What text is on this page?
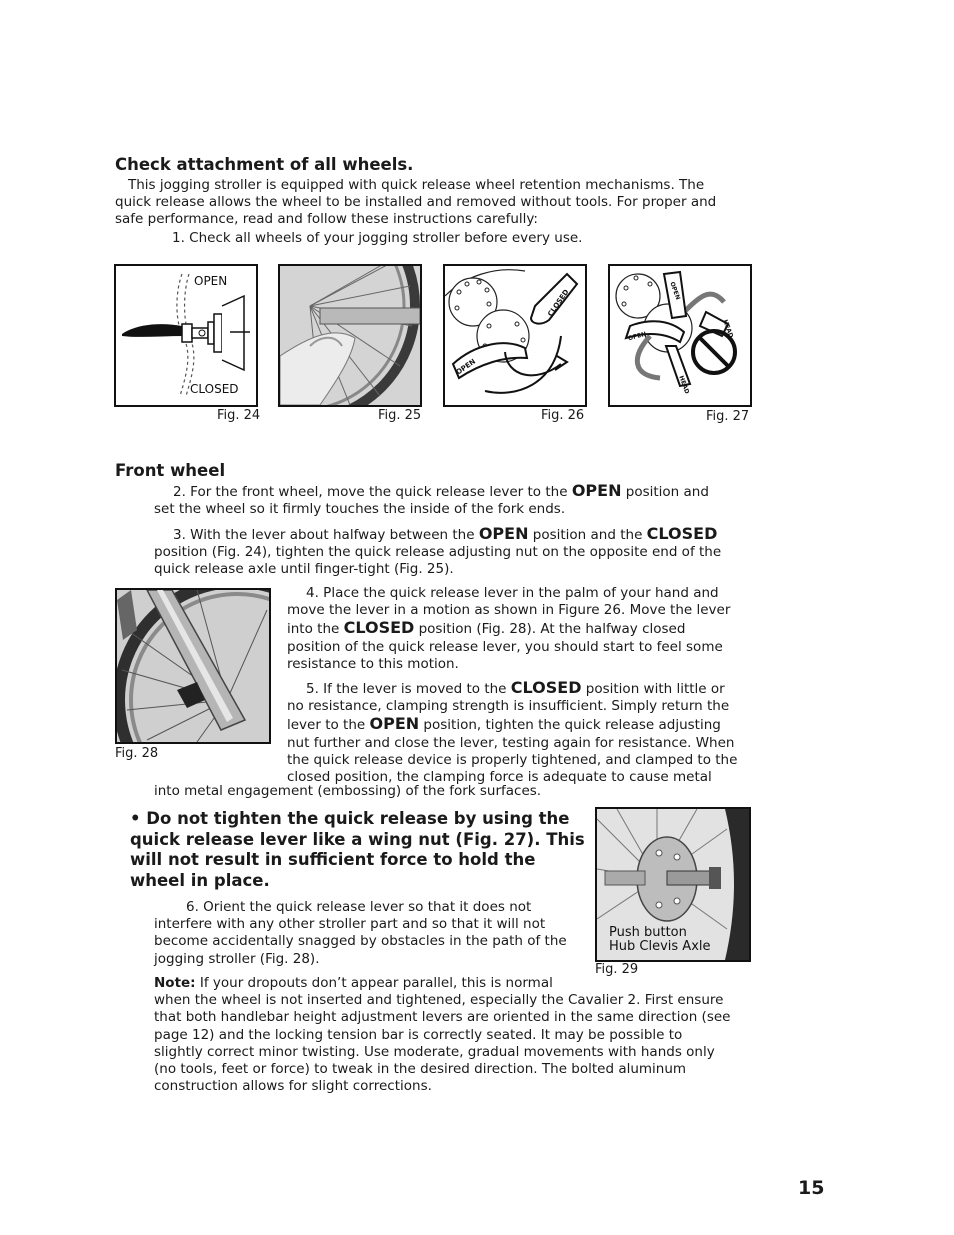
Check attachment of all wheels.
This jogging stroller is equipped with quick release wheel retention mechanisms. The
quick release allows the wheel to be installed and removed without tools. For proper and
safe performance, read and follow these instructions carefully:
1. Check all wheels of your jogging stroller before every use.
OPEN
CLOSED
Fig. 24	Fig. 25
CLOSED
OPEN
Fig. 26
OPEN
OPEN	HEAD
HEAD
Fig. 27
Front wheel
2. For the front wheel, move the quick release lever to the OPEN position and
set the wheel so it firmly touches the inside of the fork ends.
3. With the lever about halfway between the OPEN position and the CLOSED
position (Fig. 24), tighten the quick release adjusting nut on the opposite end of the
quick release axle until finger-tight (Fig. 25).
Fig. 28
4. Place the quick release lever in the palm of your hand and
move the lever in a motion as shown in Figure 26. Move the lever
into the CLOSED position (Fig. 28). At the halfway closed
position of the quick release lever, you should start to feel some
resistance to this motion.
5. If the lever is moved to the CLOSED position with little or
no resistance, clamping strength is insufficient. Simply return the
lever to the OPEN position, tighten the quick release adjusting
nut further and close the lever, testing again for resistance. When
the quick release device is properly tightened, and clamped to the
closed position, the clamping force is adequate to cause metal
into metal engagement (embossing) of the fork surfaces.
• Do not tighten the quick release by using the
quick release lever like a wing nut (Fig. 27). This
will not result in sufficient force to hold the
wheel in place.
Push button
Hub Clevis Axle
Fig. 29
6. Orient the quick release lever so that it does not
interfere with any other stroller part and so that it will not
become accidentally snagged by obstacles in the path of the
jogging stroller (Fig. 28).
Note: If your dropouts don’t appear parallel, this is normal
when the wheel is not inserted and tightened, especially the Cavalier 2. First ensure
that both handlebar height adjustment levers are oriented in the same direction (see
page 12) and the locking tension bar is correctly seated. It may be possible to
slightly correct minor twisting. Use moderate, gradual movements with hands only
(no tools, feet or force) to tweak in the desired direction. The bolted aluminum
construction allows for slight corrections.
15
